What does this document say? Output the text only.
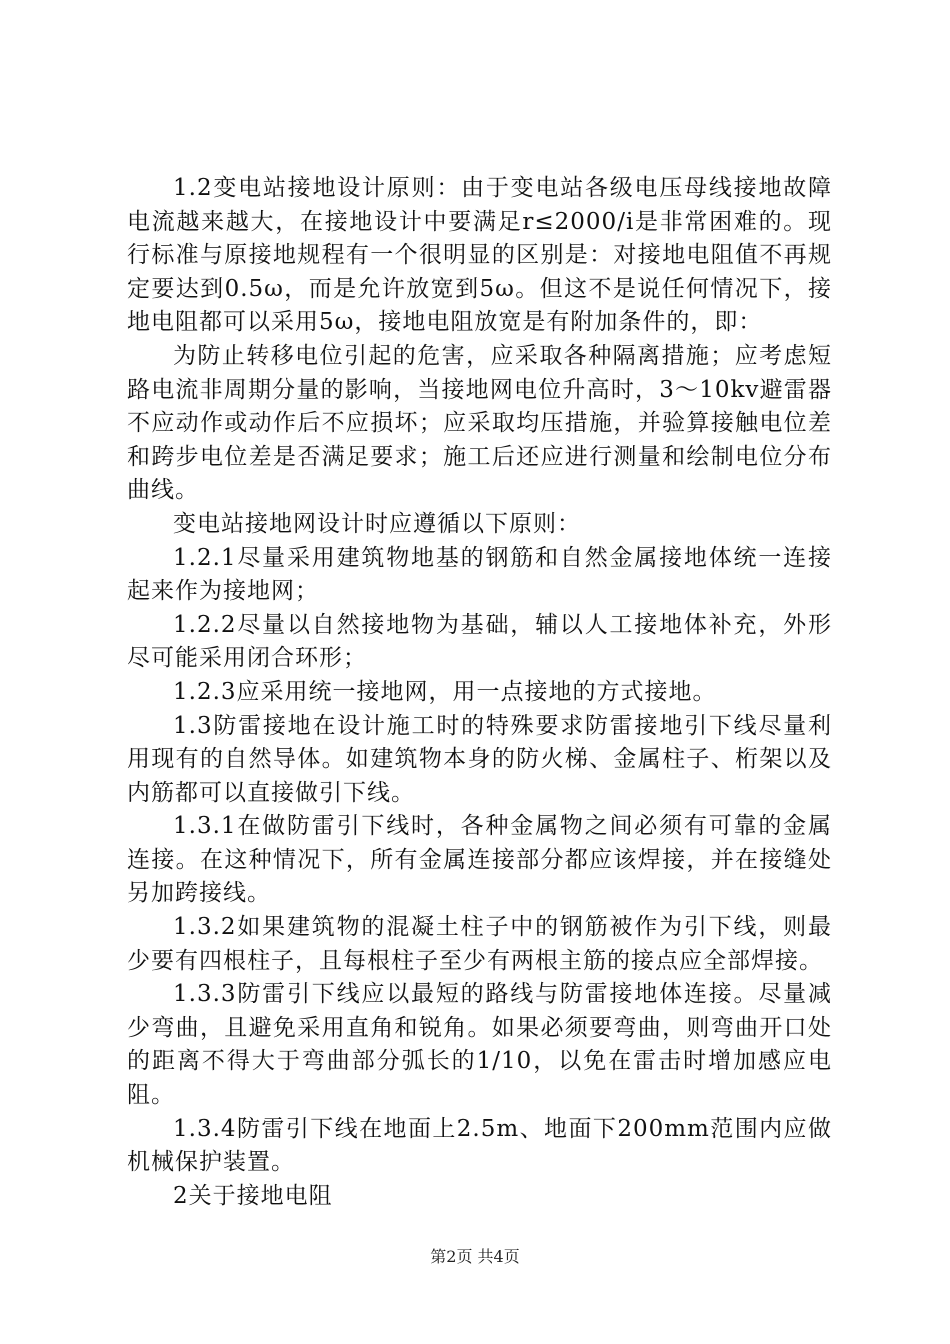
1.2变电站接地设计原则：由于变电站各级电压母线接地故障电流越来越大，在接地设计中要满足r≤2000/i是非常困难的。现行标准与原接地规程有一个很明显的区别是：对接地电阻值不再规定要达到0.5ω，而是允许放宽到5ω。但这不是说任何情况下，接地电阻都可以采用5ω，接地电阻放宽是有附加条件的，即：

为防止转移电位引起的危害，应采取各种隔离措施；应考虑短路电流非周期分量的影响，当接地网电位升高时，3～10kv避雷器不应动作或动作后不应损坏；应采取均压措施，并验算接触电位差和跨步电位差是否满足要求；施工后还应进行测量和绘制电位分布曲线。

变电站接地网设计时应遵循以下原则：

1.2.1尽量采用建筑物地基的钢筋和自然金属接地体统一连接起来作为接地网；

1.2.2尽量以自然接地物为基础，辅以人工接地体补充，外形尽可能采用闭合环形；

1.2.3应采用统一接地网，用一点接地的方式接地。

1.3防雷接地在设计施工时的特殊要求防雷接地引下线尽量利用现有的自然导体。如建筑物本身的防火梯、金属柱子、桁架以及内筋都可以直接做引下线。

1.3.1在做防雷引下线时，各种金属物之间必须有可靠的金属连接。在这种情况下，所有金属连接部分都应该焊接，并在接缝处另加跨接线。

1.3.2如果建筑物的混凝土柱子中的钢筋被作为引下线，则最少要有四根柱子，且每根柱子至少有两根主筋的接点应全部焊接。

1.3.3防雷引下线应以最短的路线与防雷接地体连接。尽量减少弯曲，且避免采用直角和锐角。如果必须要弯曲，则弯曲开口处的距离不得大于弯曲部分弧长的1/10，以免在雷击时增加感应电阻。

1.3.4防雷引下线在地面上2.5m、地面下200mm范围内应做机械保护装置。

2关于接地电阻

第2页 共4页
